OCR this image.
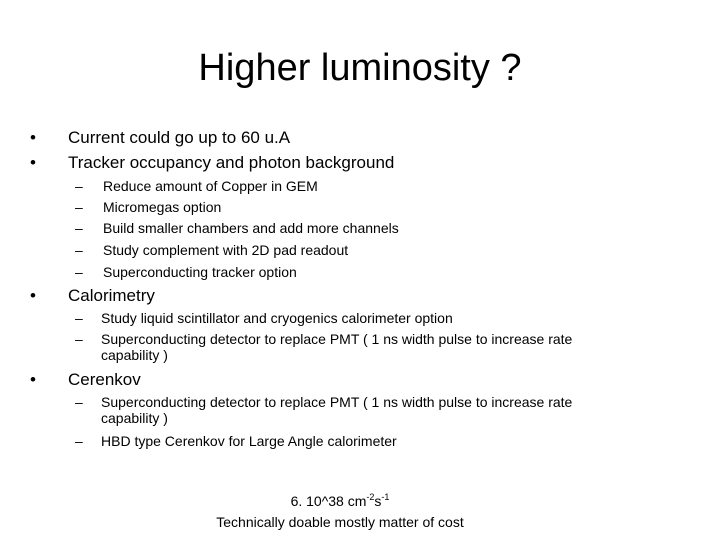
Higher luminosity ?
• Current could go up to 60 u.A
• Tracker occupancy and photon background
– Reduce amount of Copper in GEM
– Micromegas option
– Build smaller chambers and add more channels
– Study complement with 2D pad readout
– Superconducting tracker option
• Calorimetry
– Study liquid scintillator and cryogenics calorimeter option
– Superconducting detector to replace PMT ( 1 ns width pulse to increase rate
capability )
• Cerenkov
– Superconducting detector to replace PMT ( 1 ns width pulse to increase rate
capability )
– HBD type Cerenkov for Large Angle calorimeter
6. 10^38 $cm^{-2}s^{-1}$
Technically doable mostly matter of cost
